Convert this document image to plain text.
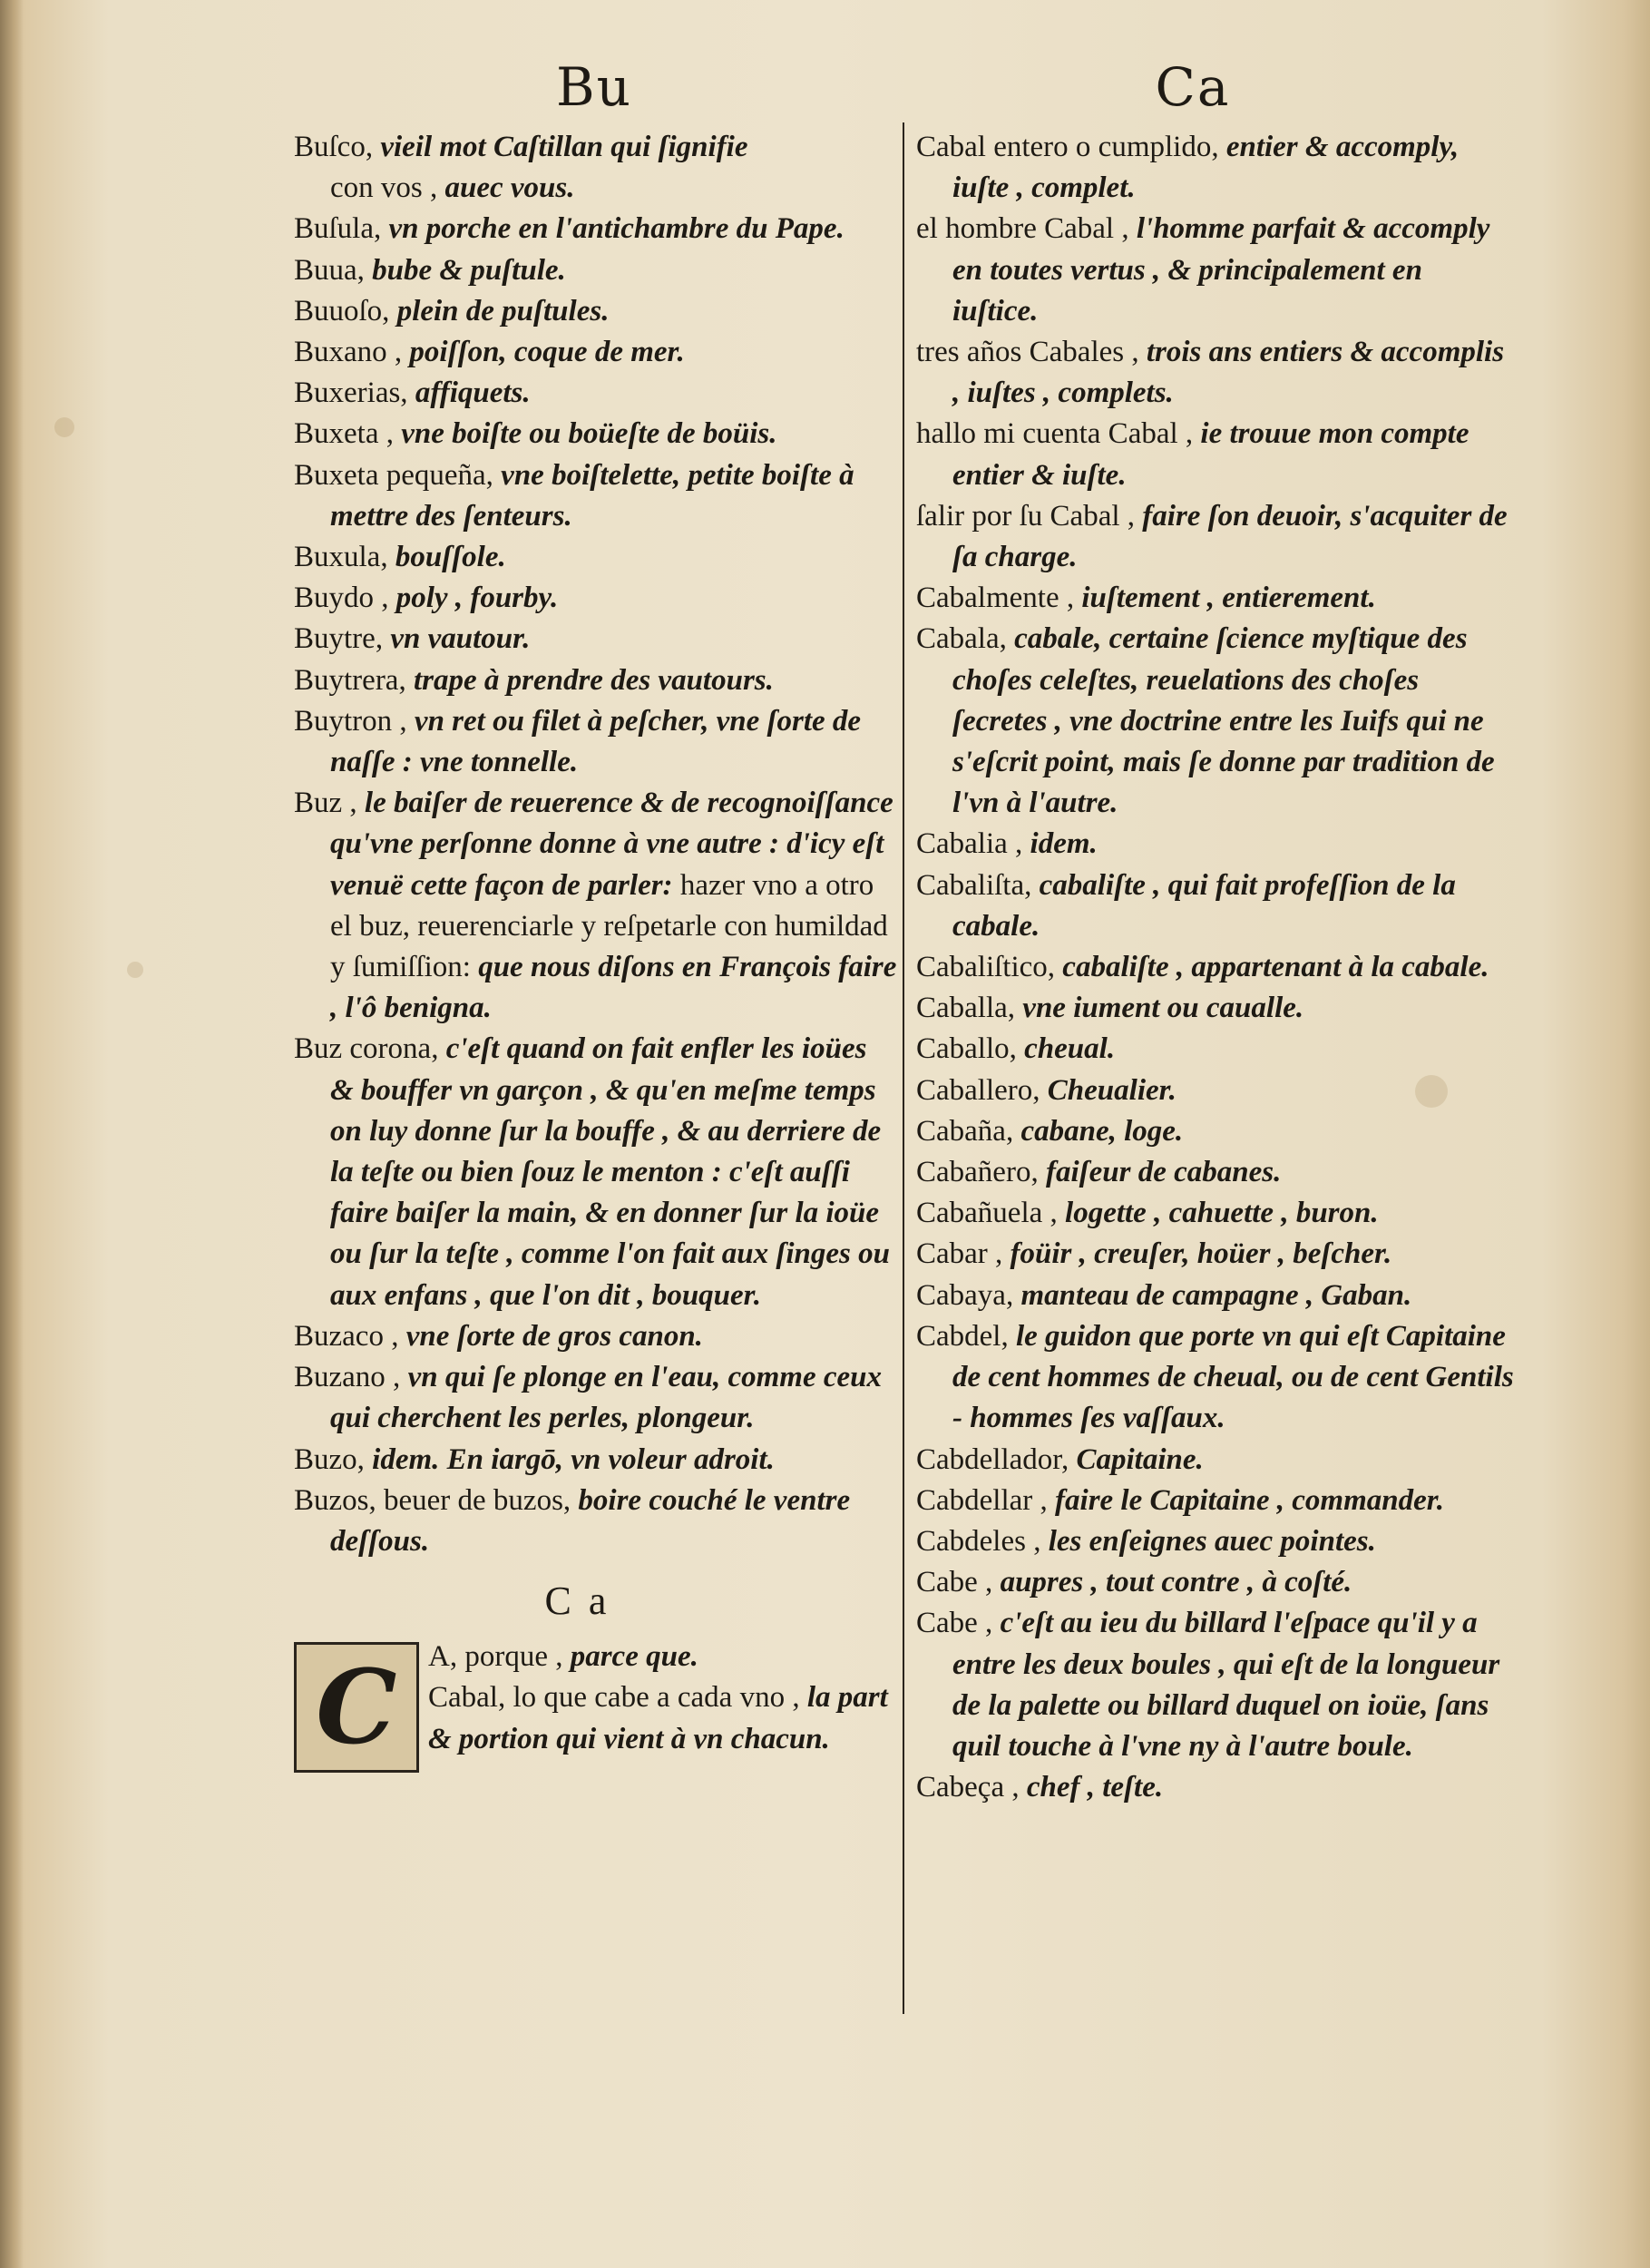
Bu	Ca

Buſco, vieil mot Caſtillan qui ſignifie
con vos , auec vous.

Buſula, vn porche en l'antichambre du Pape.

Buua, bube & puſtule.

Buuoſo, plein de puſtules.

Buxano , poiſſon, coque de mer.

Buxerias, affiquets.

Buxeta , vne boiſte ou boüeſte de boüis.

Buxeta pequeña, vne boiſtelette, petite boiſte à mettre des ſenteurs.

Buxula, bouſſole.

Buydo , poly , fourby.

Buytre, vn vautour.

Buytrera, trape à prendre des vautours.

Buytron , vn ret ou filet à peſcher, vne ſorte de naſſe : vne tonnelle.

Buz , le baiſer de reuerence & de recognoiſſance qu'vne perſonne donne à vne autre : d'icy eſt venuë cette façon de parler: hazer vno a otro el buz, reuerenciarle y reſpetarle con humildad y ſumiſſion: que nous diſons en François faire , l'ô benigna.

Buz corona, c'eſt quand on fait enfler les ioües & bouffer vn garçon , & qu'en meſme temps on luy donne ſur la bouffe , & au derriere de la teſte ou bien ſouz le menton : c'eſt auſſi faire baiſer la main, & en donner ſur la ioüe ou ſur la teſte , comme l'on fait aux ſinges ou aux enfans , que l'on dit , bouquer.

Buzaco , vne ſorte de gros canon.

Buzano , vn qui ſe plonge en l'eau, comme ceux qui cherchent les perles, plongeur.

Buzo, idem. En iargō, vn voleur adroit.

Buzos, beuer de buzos, boire couché le ventre deſſous.

C a
C	A, porque , parce que.

Cabal, lo que cabe a cada vno , la part & portion qui vient à vn chacun.

Cabal entero o cumplido, entier & accomply, iuſte , complet.

el hombre Cabal , l'homme parfait & accomply en toutes vertus , & principalement en iuſtice.

tres años Cabales , trois ans entiers & accomplis , iuſtes , complets.

hallo mi cuenta Cabal , ie trouue mon compte entier & iuſte.

ſalir por ſu Cabal , faire ſon deuoir, s'acquiter de ſa charge.

Cabalmente , iuſtement , entierement.

Cabala, cabale, certaine ſcience myſtique des choſes celeſtes, reuelations des choſes ſecretes , vne doctrine entre les Iuifs qui ne s'eſcrit point, mais ſe donne par tradition de l'vn à l'autre.

Cabalia , idem.

Cabaliſta, cabaliſte , qui fait profeſſion de la cabale.

Cabaliſtico, cabaliſte , appartenant à la cabale.

Caballa, vne iument ou caualle.

Caballo, cheual.

Caballero, Cheualier.

Cabaña, cabane, loge.

Cabañero, faiſeur de cabanes.

Cabañuela , logette , cahuette , buron.

Cabar , foüir , creuſer, hoüer , beſcher.

Cabaya, manteau de campagne , Gaban.

Cabdel, le guidon que porte vn qui eſt Capitaine de cent hommes de cheual, ou de cent Gentils - hommes ſes vaſſaux.

Cabdellador, Capitaine.

Cabdellar , faire le Capitaine , commander.

Cabdeles , les enſeignes auec pointes.

Cabe , aupres , tout contre , à coſté.

Cabe , c'eſt au ieu du billard l'eſpace qu'il y a entre les deux boules , qui eſt de la longueur de la palette ou billard duquel on ioüe, ſans quil touche à l'vne ny à l'autre boule.

Cabeça , chef , teſte.
